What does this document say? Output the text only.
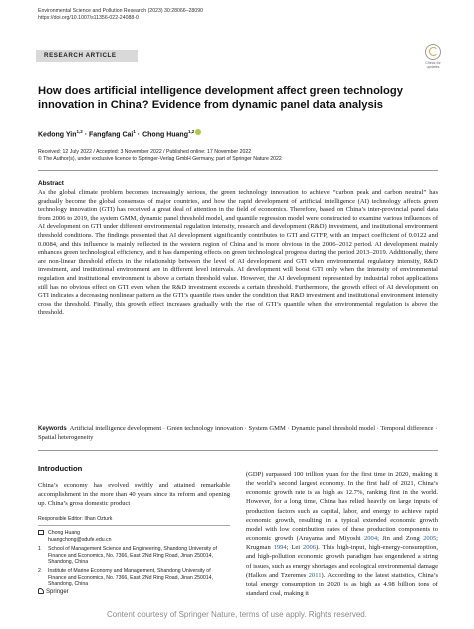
Environmental Science and Pollution Research (2023) 30:28066–28090
https://doi.org/10.1007/s11356-022-24088-0
RESEARCH ARTICLE
Check for updates
How does artificial intelligence development affect green technology innovation in China? Evidence from dynamic panel data analysis
Kedong Yin$^{1,2}$ · Fangfang Cai$^1$ · Chong Huang$^{1,2}$
Received: 12 July 2022 / Accepted: 3 November 2022 / Published online: 17 November 2022
© The Author(s), under exclusive licence to Springer-Verlag GmbH Germany, part of Springer Nature 2022
Abstract
As the global climate problem becomes increasingly serious, the green technology innovation to achieve “carbon peak and carbon neutral” has gradually become the global consensus of major countries, and how the rapid development of artificial intelligence (AI) technology affects green technology innovation (GTI) has received a great deal of attention in the field of economics. Therefore, based on China’s inter-provincial panel data from 2006 to 2019, the system GMM, dynamic panel threshold model, and quantile regression model were constructed to examine various influences of AI development on GTI under different environmental regulation intensity, research and development (R&D) investment, and institutional environment threshold conditions. The findings presented that AI development significantly contributes to GTI and GTFP, with an impact coefficient of 0.0122 and 0.0084, and this influence is mainly reflected in the western region of China and is more obvious in the 2006–2012 period. AI development mainly enhances green technological efficiency, and it has dampening effects on green technological progress during the period 2013–2019. Additionally, there are non-linear threshold effects in the relationship between the level of AI development and GTI when environmental regulatory intensity, R&D investment, and institutional environment are in different level intervals. AI development will boost GTI only when the intensity of environmental regulation and institutional environment is above a certain threshold value. However, the AI development represented by industrial robot applications still has no obvious effect on GTI even when the R&D investment exceeds a certain threshold. Furthermore, the growth effect of AI development on GTI indicates a decreasing nonlinear pattern as the GTI’s quantile rises under the condition that R&D investment and institutional environment intensity cross the threshold. Finally, this growth effect increases gradually with the rise of GTI’s quantile when the environmental regulation is above the threshold.
Keywords Artificial intelligence development · Green technology innovation · System GMM · Dynamic panel threshold model · Temporal difference · Spatial heterogeneity
Introduction
China’s economy has evolved swiftly and attained remarkable accomplishment in the more than 40 years since its reform and opening up. China’s gross domestic product
(GDP) surpassed 100 trillion yuan for the first time in 2020, making it the world’s second largest economy. In the first half of 2021, China’s economic growth rate is as high as 12.7%, ranking first in the world. However, for a long time, China has relied heavily on large inputs of production factors such as capital, labor, and energy to achieve rapid economic growth, resulting in a typical extended economic growth model with low contribution rates of these production components to economic growth (Arayama and Miyoshi 2004; Jin and Zong 2005; Krugman 1994; Lei 2006). This high-input, high-energy-consumption, and high-pollution economic growth paradigm has engendered a string of issues, such as energy shortages and ecological environmental damage (Halkos and Tzeremes 2011). According to the latest statistics, China’s total energy consumption in 2020 is as high as 4.98 billion tons of standard coal, making it
Responsible Editor: Ilhan Ozturk
Chong Huang
huangchong@sdufe.edu.cn
1	School of Management Science and Engineering, Shandong University of Finance and Economics, No. 7366, East 2Nd Ring Road, Jinan 250014, Shandong, China
2	Institute of Marine Economy and Management, Shandong University of Finance and Economics, No. 7366, East 2Nd Ring Road, Jinan 250014, Shandong, China
Springer
Content courtesy of Springer Nature, terms of use apply. Rights reserved.
